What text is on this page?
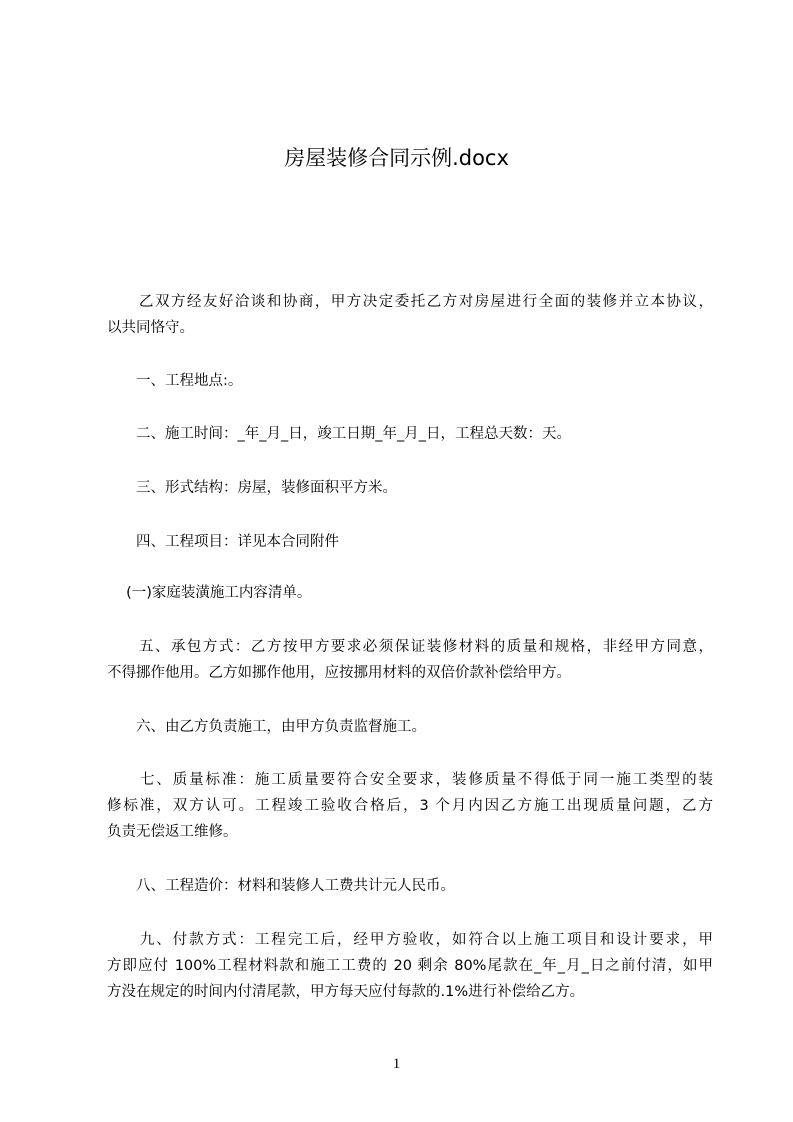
房屋装修合同示例.docx
　　乙双方经友好洽谈和协商，甲方决定委托乙方对房屋进行全面的装修并立本协议，
以共同恪守。
　　一、工程地点:。
　　二、施工时间：_年_月_日，竣工日期_年_月_日，工程总天数：天。
　　三、形式结构：房屋，装修面积平方米。
　　四、工程项目：详见本合同附件
　 (一)家庭装潢施工内容清单。
　　五、承包方式：乙方按甲方要求必须保证装修材料的质量和规格，非经甲方同意，
不得挪作他用。乙方如挪作他用，应按挪用材料的双倍价款补偿给甲方。
　　六、由乙方负责施工，由甲方负责监督施工。
　　七、质量标准：施工质量要符合安全要求，装修质量不得低于同一施工类型的装
修标准，双方认可。工程竣工验收合格后，3 个月内因乙方施工出现质量问题，乙方
负责无偿返工维修。
　　八、工程造价：材料和装修人工费共计元人民币。
　　九、付款方式：工程完工后，经甲方验收，如符合以上施工项目和设计要求，甲
方即应付 100%工程材料款和施工工费的 20 剩余 80%尾款在_年_月_日之前付清，如甲
方没在规定的时间内付清尾款，甲方每天应付每款的.1%进行补偿给乙方。
1
